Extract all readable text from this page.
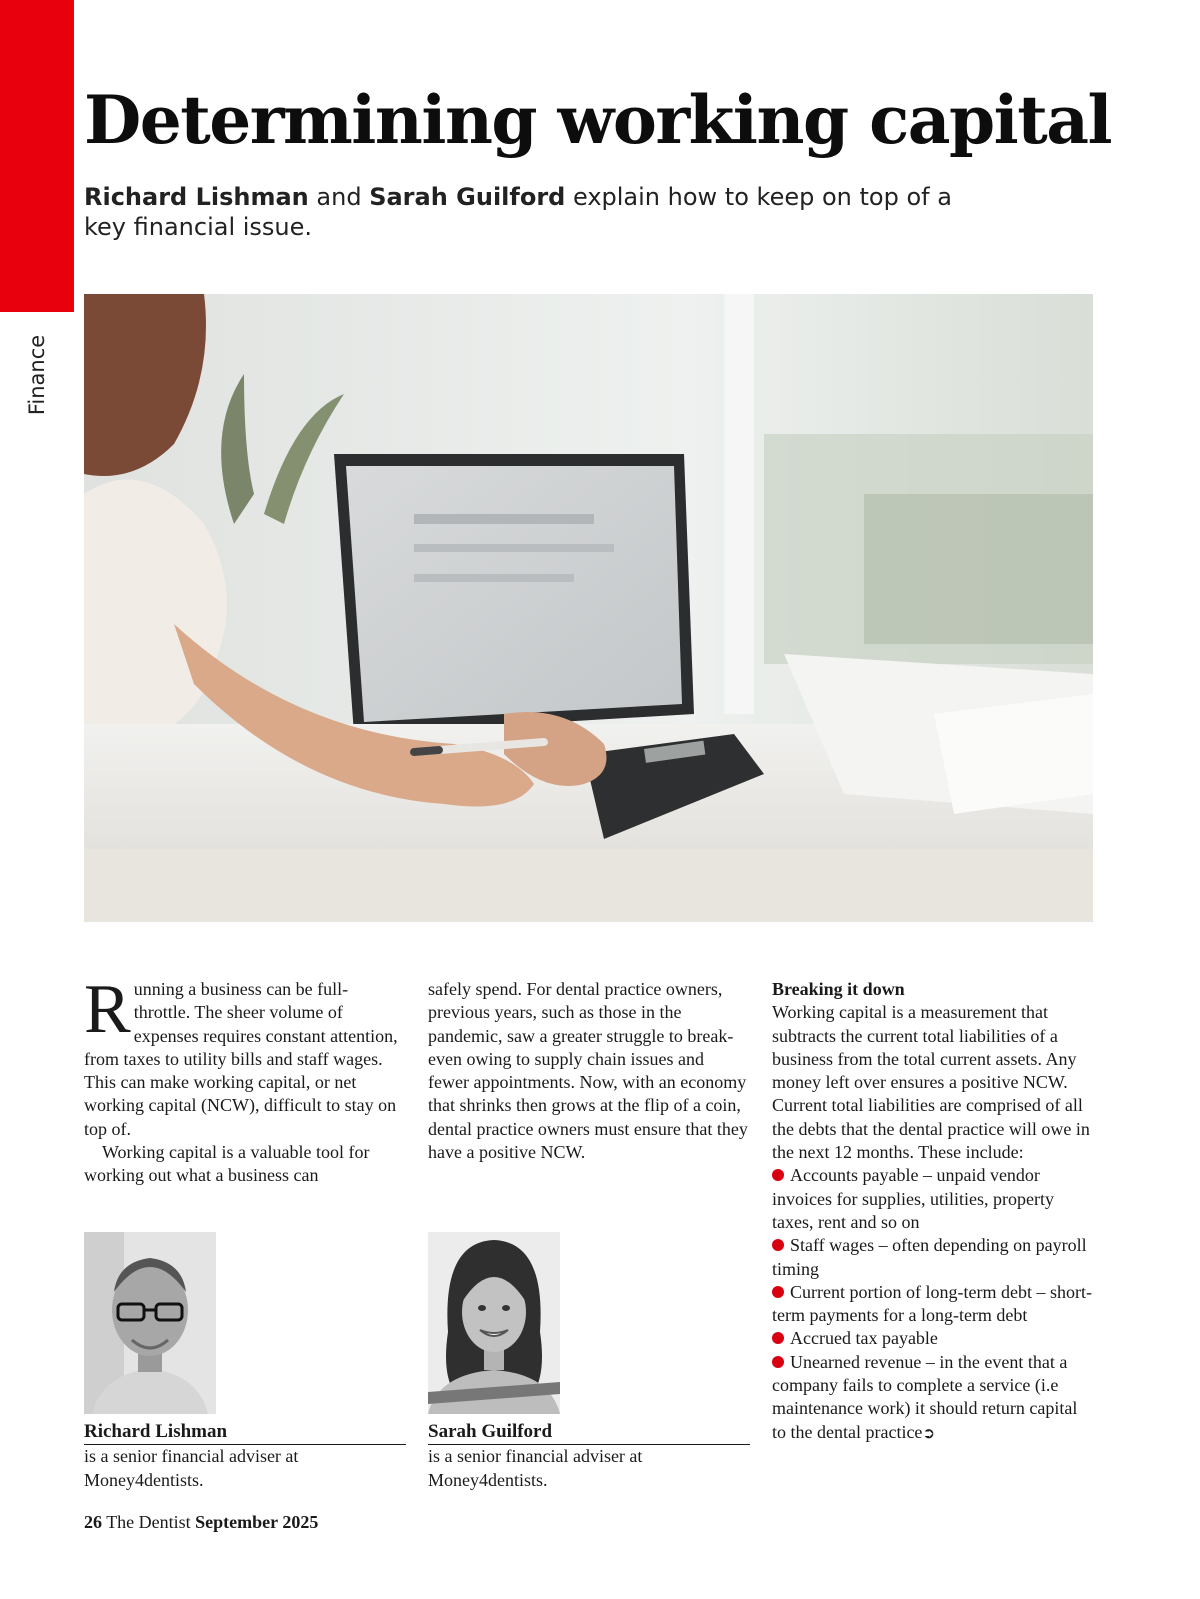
Finance
Determining working capital

Richard Lishman and Sarah Guilford explain how to keep on top of a key financial issue.

Running a business can be full-throttle. The sheer volume of expenses requires constant attention, from taxes to utility bills and staff wages. This can make working capital, or net working capital (NCW), difficult to stay on top of.

Working capital is a valuable tool for working out what a business can

safely spend. For dental practice owners, previous years, such as those in the pandemic, saw a greater struggle to break-even owing to supply chain issues and fewer appointments. Now, with an economy that shrinks then grows at the flip of a coin, dental practice owners must ensure that they have a positive NCW.

Breaking it down

Working capital is a measurement that subtracts the current total liabilities of a business from the total current assets. Any money left over ensures a positive NCW. Current total liabilities are comprised of all the debts that the dental practice will owe in the next 12 months. These include:

Accounts payable – unpaid vendor invoices for supplies, utilities, property taxes, rent and so on
Staff wages – often depending on payroll timing
Current portion of long-term debt – short-term payments for a long-term debt
Accrued tax payable
Unearned revenue – in the event that a company fails to complete a service (i.e maintenance work) it should return capital to the dental practice➲

Richard Lishman

is a senior financial adviser at Money4dentists.

Sarah Guilford

is a senior financial adviser at Money4dentists.

26 The Dentist September 2025
